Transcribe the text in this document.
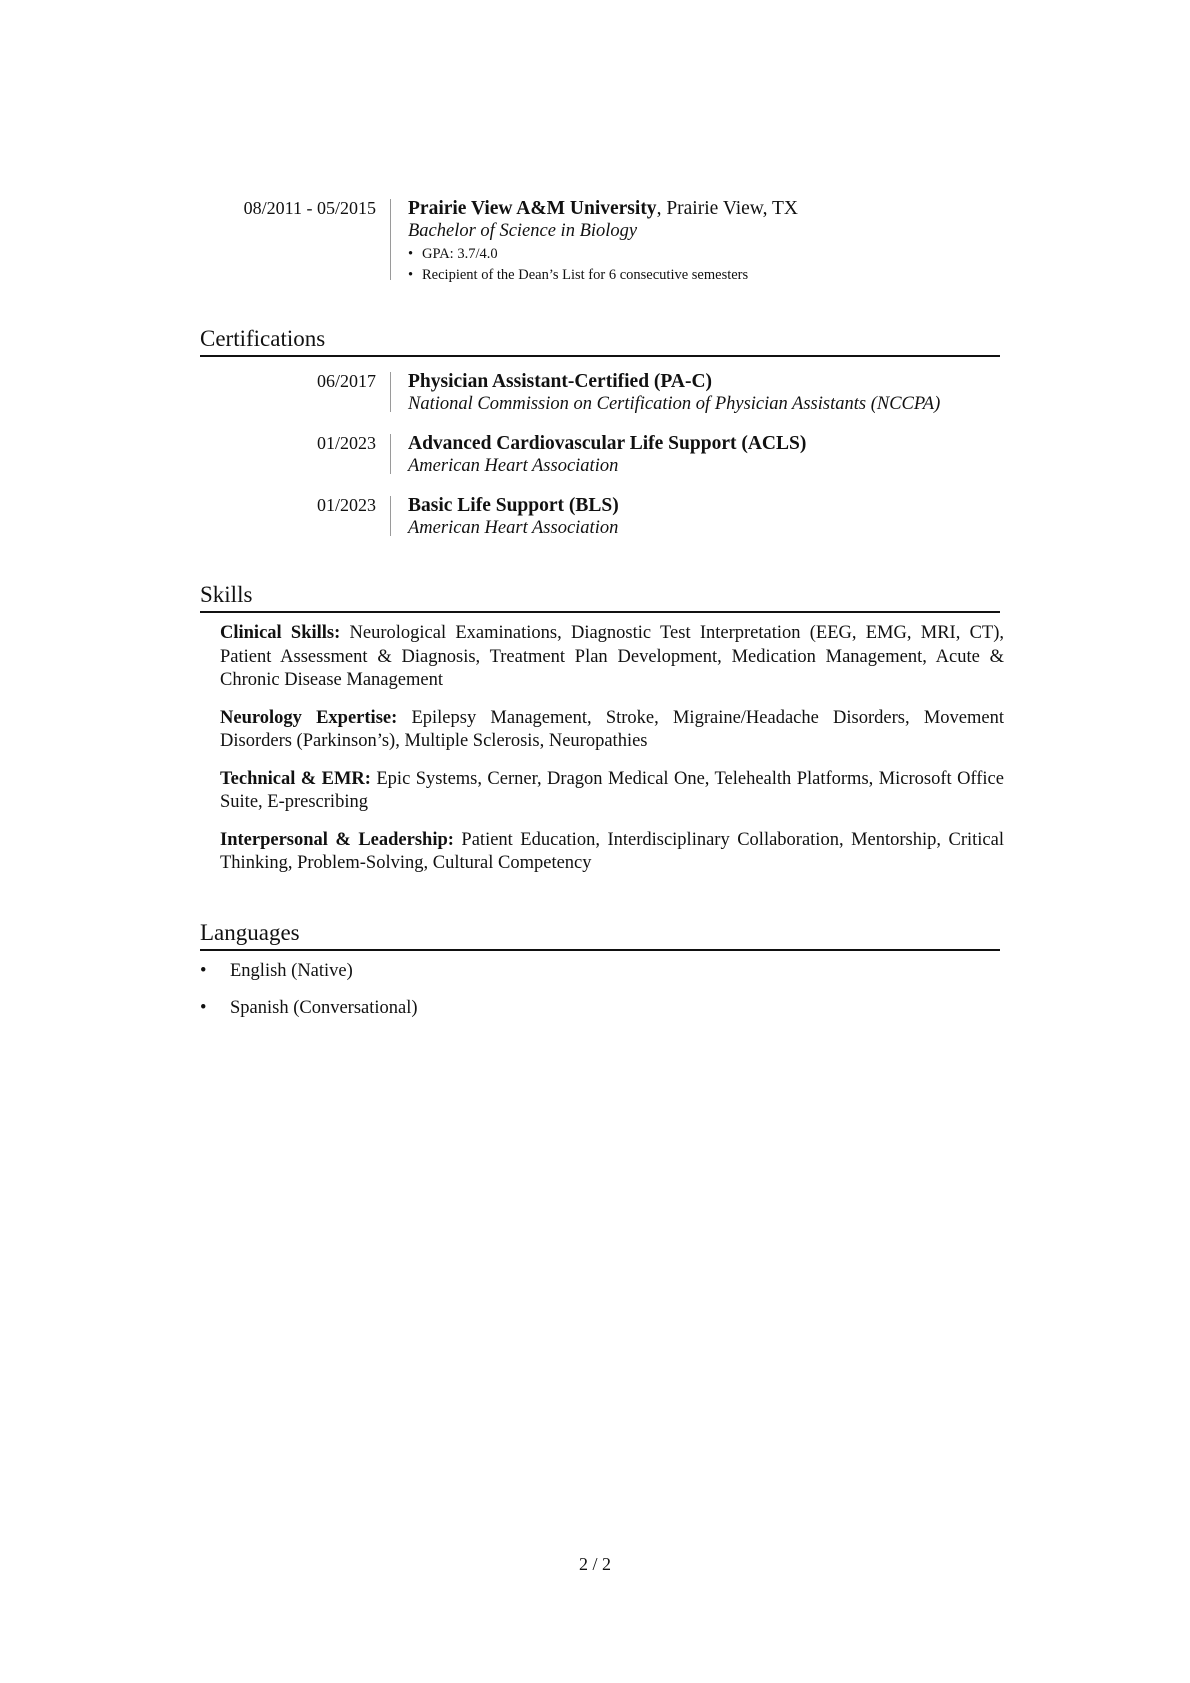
08/2011 - 05/2015 Prairie View A&M University, Prairie View, TX
Bachelor of Science in Biology
• GPA: 3.7/4.0
• Recipient of the Dean’s List for 6 consecutive semesters
Certifications
06/2017 Physician Assistant-Certified (PA-C)
National Commission on Certification of Physician Assistants (NCCPA)
01/2023 Advanced Cardiovascular Life Support (ACLS)
American Heart Association
01/2023 Basic Life Support (BLS)
American Heart Association
Skills

Clinical Skills: Neurological Examinations, Diagnostic Test Interpretation (EEG, EMG, MRI, CT), Patient Assessment & Diagnosis, Treatment Plan Development, Medication Management, Acute & Chronic Disease Management

Neurology Expertise: Epilepsy Management, Stroke, Migraine/Headache Disorders, Movement Disorders (Parkinson’s), Multiple Sclerosis, Neuropathies

Technical & EMR: Epic Systems, Cerner, Dragon Medical One, Telehealth Platforms, Microsoft Office Suite, E-prescribing

Interpersonal & Leadership: Patient Education, Interdisciplinary Collaboration, Mentorship, Critical Thinking, Problem-Solving, Cultural Competency

Languages
• English (Native)
• Spanish (Conversational)
2 / 2
